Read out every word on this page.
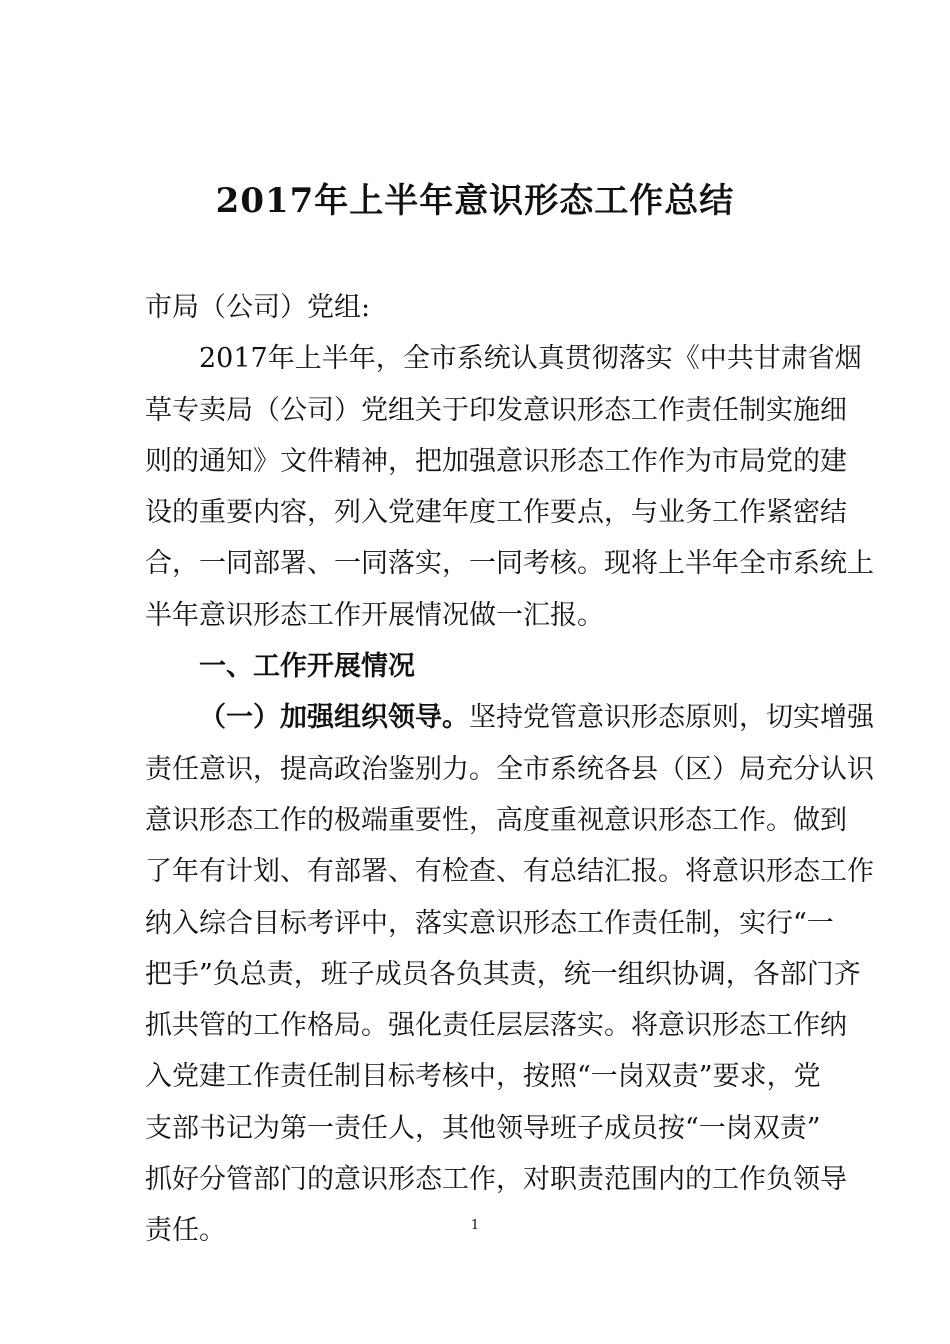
2017年上半年意识形态工作总结
市局（公司）党组:
2017年上半年，全市系统认真贯彻落实《中共甘肃省烟
草专卖局（公司）党组关于印发意识形态工作责任制实施细
则的通知》文件精神，把加强意识形态工作作为市局党的建
设的重要内容，列入党建年度工作要点，与业务工作紧密结
合，一同部署、一同落实，一同考核。现将上半年全市系统上
半年意识形态工作开展情况做一汇报。
一、工作开展情况
（一）加强组织领导。坚持党管意识形态原则，切实增强
责任意识，提高政治鉴别力。全市系统各县（区）局充分认识
意识形态工作的极端重要性，高度重视意识形态工作。做到
了年有计划、有部署、有检查、有总结汇报。将意识形态工作
纳入综合目标考评中，落实意识形态工作责任制，实行“一
把手”负总责，班子成员各负其责，统一组织协调，各部门齐
抓共管的工作格局。强化责任层层落实。将意识形态工作纳
入党建工作责任制目标考核中，按照“一岗双责”要求，党
支部书记为第一责任人，其他领导班子成员按“一岗双责”
抓好分管部门的意识形态工作，对职责范围内的工作负领导
责任。	1
